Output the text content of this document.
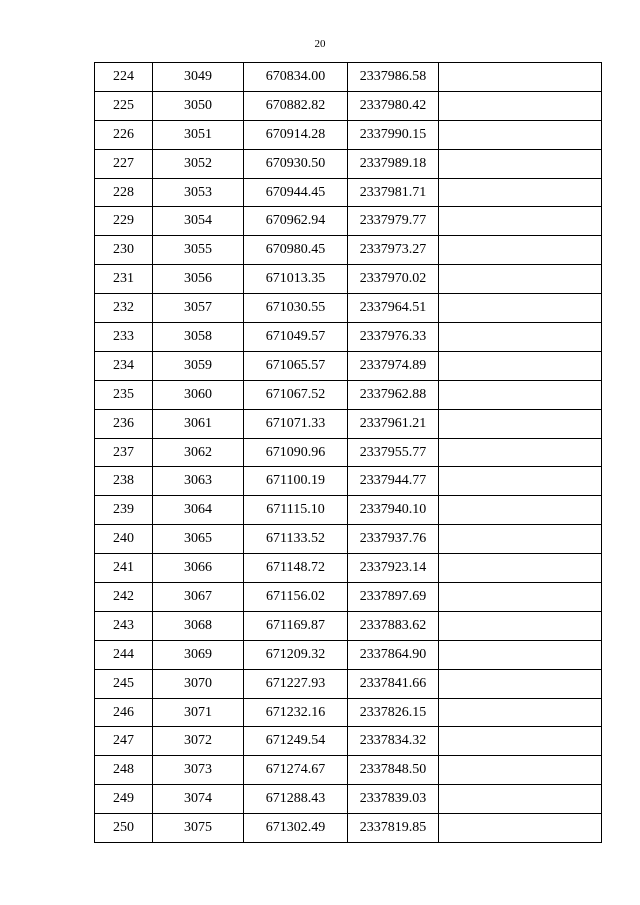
20
224	3049	670834.00	2337986.58	
225	3050	670882.82	2337980.42	
226	3051	670914.28	2337990.15	
227	3052	670930.50	2337989.18	
228	3053	670944.45	2337981.71	
229	3054	670962.94	2337979.77	
230	3055	670980.45	2337973.27	
231	3056	671013.35	2337970.02	
232	3057	671030.55	2337964.51	
233	3058	671049.57	2337976.33	
234	3059	671065.57	2337974.89	
235	3060	671067.52	2337962.88	
236	3061	671071.33	2337961.21	
237	3062	671090.96	2337955.77	
238	3063	671100.19	2337944.77	
239	3064	671115.10	2337940.10	
240	3065	671133.52	2337937.76	
241	3066	671148.72	2337923.14	
242	3067	671156.02	2337897.69	
243	3068	671169.87	2337883.62	
244	3069	671209.32	2337864.90	
245	3070	671227.93	2337841.66	
246	3071	671232.16	2337826.15	
247	3072	671249.54	2337834.32	
248	3073	671274.67	2337848.50	
249	3074	671288.43	2337839.03	
250	3075	671302.49	2337819.85	
